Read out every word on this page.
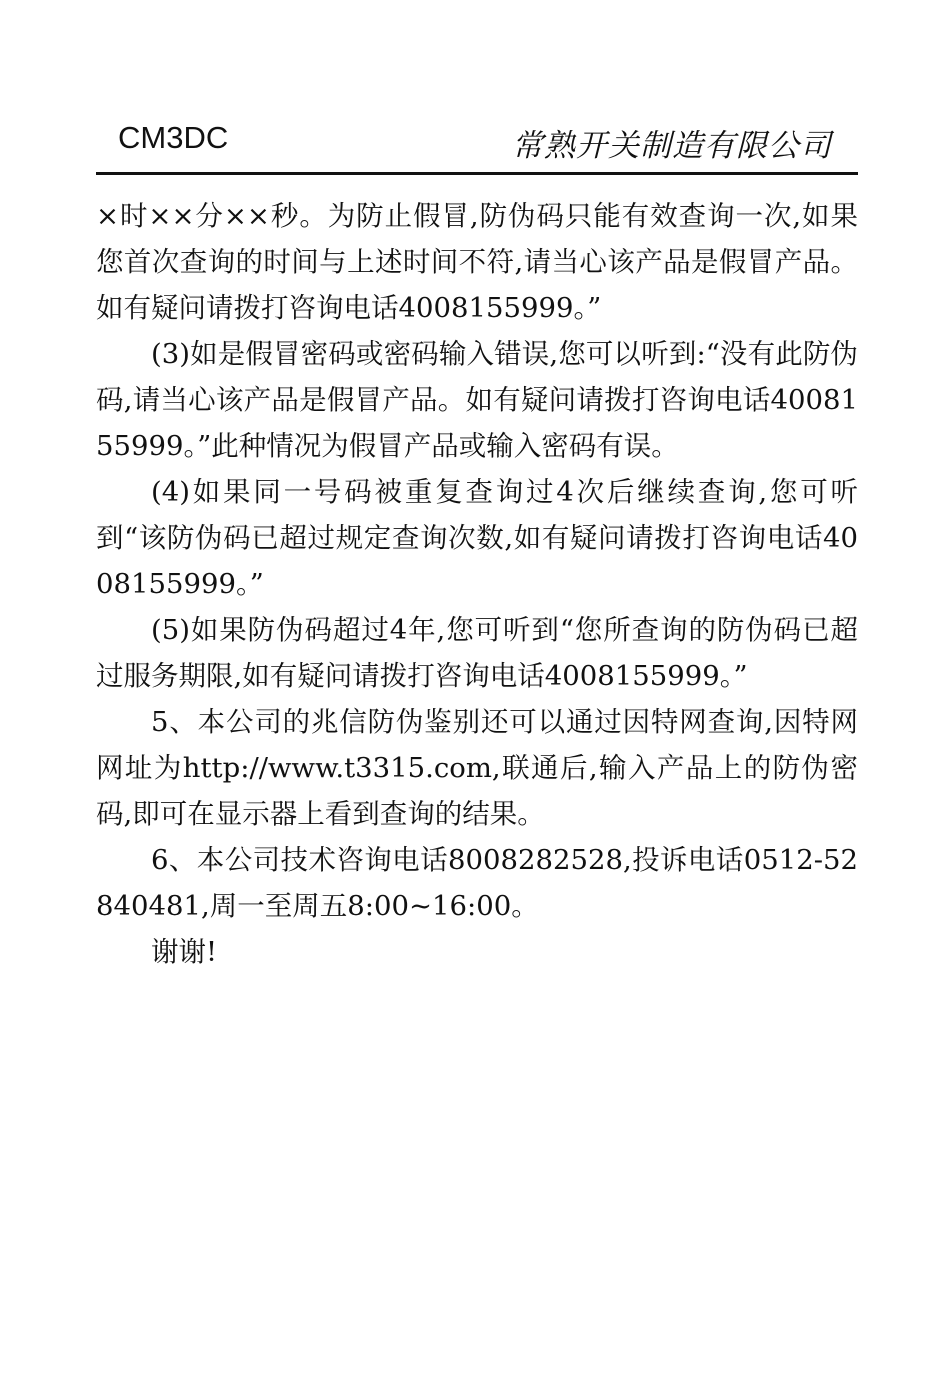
CM3DC	常熟开关制造有限公司

×时××分××秒。为防止假冒,防伪码只能有效查询一次,如果您首次查询的时间与上述时间不符,请当心该产品是假冒产品。如有疑问请拨打咨询电话4008155999。”

(3)如是假冒密码或密码输入错误,您可以听到:“没有此防伪码,请当心该产品是假冒产品。如有疑问请拨打咨询电话4008155999。”此种情况为假冒产品或输入密码有误。

(4)如果同一号码被重复查询过4次后继续查询,您可听到“该防伪码已超过规定查询次数,如有疑问请拨打咨询电话4008155999。”

(5)如果防伪码超过4年,您可听到“您所查询的防伪码已超过服务期限,如有疑问请拨打咨询电话4008155999。”

5、本公司的兆信防伪鉴别还可以通过因特网查询,因特网网址为http://www.t3315.com,联通后,输入产品上的防伪密码,即可在显示器上看到查询的结果。

6、本公司技术咨询电话8008282528,投诉电话0512-52840481,周一至周五8:00~16:00。

谢谢!
